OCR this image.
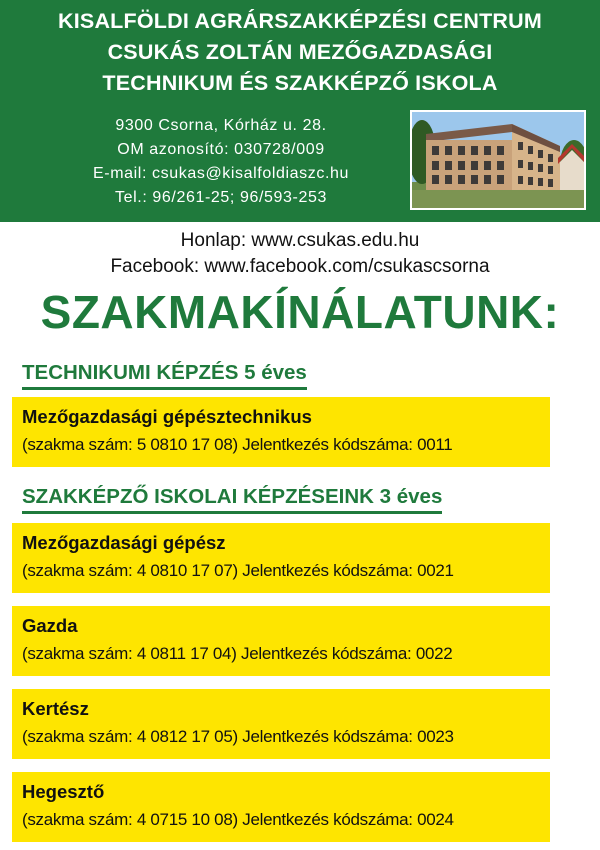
KISALFÖLDI AGRÁRSZAKKÉPZÉSI CENTRUM
CSUKÁS ZOLTÁN MEZŐGAZDASÁGI
TECHNIKUM ÉS SZAKKÉPZŐ ISKOLA
9300 Csorna, Kórház u. 28.
OM azonosító: 030728/009
E-mail: csukas@kisalfoldiaszc.hu
Tel.: 96/261-25; 96/593-253
Honlap: www.csukas.edu.hu
Facebook: www.facebook.com/csukascsorna
SZAKMAKÍNÁLATUNK:
TECHNIKUMI KÉPZÉS 5 éves
Mezőgazdasági gépésztechnikus
(szakma szám: 5 0810 17 08) Jelentkezés kódszáma: 0011
SZAKKÉPZŐ ISKOLAI KÉPZÉSEINK 3 éves
Mezőgazdasági gépész
(szakma szám: 4 0810 17 07) Jelentkezés kódszáma: 0021
Gazda
(szakma szám: 4 0811 17 04) Jelentkezés kódszáma: 0022
Kertész
(szakma szám: 4 0812 17 05) Jelentkezés kódszáma: 0023
Hegesztő
(szakma szám: 4 0715 10 08) Jelentkezés kódszáma: 0024
